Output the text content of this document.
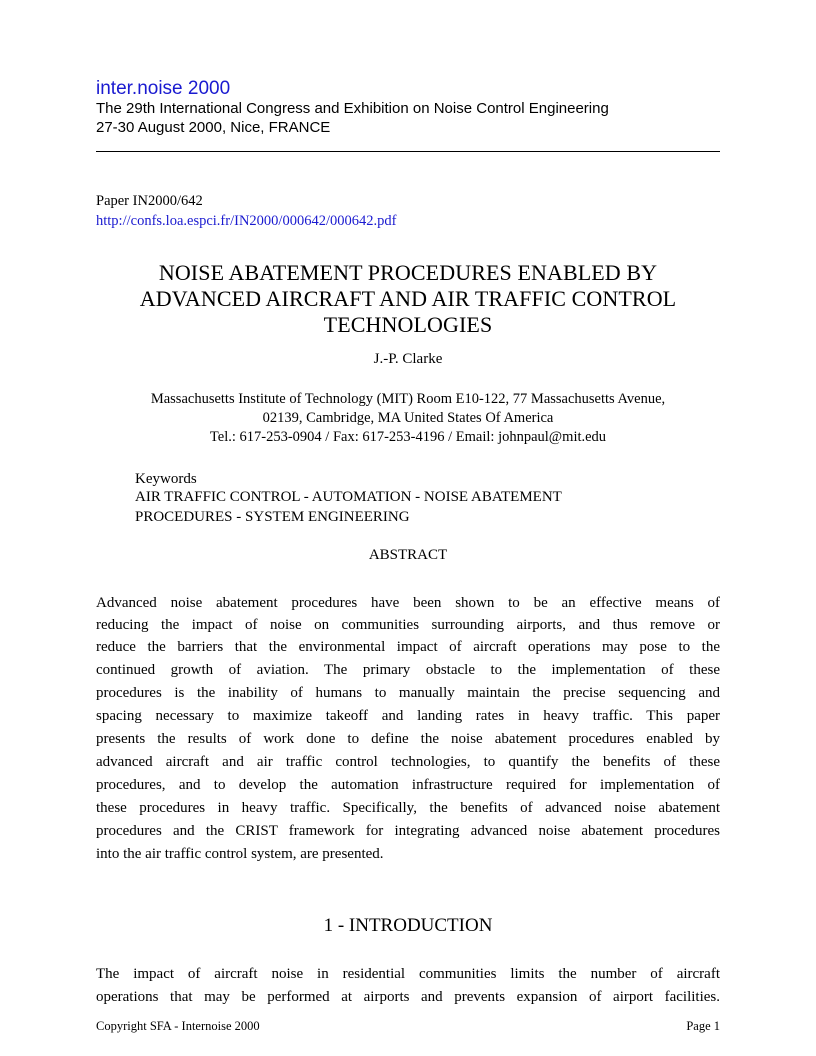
inter.noise 2000
The 29th International Congress and Exhibition on Noise Control Engineering
27-30 August 2000, Nice, FRANCE
Paper IN2000/642
http://confs.loa.espci.fr/IN2000/000642/000642.pdf
NOISE ABATEMENT PROCEDURES ENABLED BY
ADVANCED AIRCRAFT AND AIR TRAFFIC CONTROL
TECHNOLOGIES
J.-P. Clarke
Massachusetts Institute of Technology (MIT) Room E10-122, 77 Massachusetts Avenue,
02139, Cambridge, MA United States Of America
Tel.: 617-253-0904 / Fax: 617-253-4196 / Email: johnpaul@mit.edu
Keywords
AIR TRAFFIC CONTROL - AUTOMATION - NOISE ABATEMENT
PROCEDURES - SYSTEM ENGINEERING
ABSTRACT
Advanced noise abatement procedures have been shown to be an effective means of
reducing the impact of noise on communities surrounding airports, and thus remove or
reduce the barriers that the environmental impact of aircraft operations may pose to the
continued growth of aviation. The primary obstacle to the implementation of these
procedures is the inability of humans to manually maintain the precise sequencing and
spacing necessary to maximize takeoff and landing rates in heavy traffic. This paper
presents the results of work done to define the noise abatement procedures enabled by
advanced aircraft and air traffic control technologies, to quantify the benefits of these
procedures, and to develop the automation infrastructure required for implementation of
these procedures in heavy traffic. Specifically, the benefits of advanced noise abatement
procedures and the CRIST framework for integrating advanced noise abatement procedures
into the air traffic control system, are presented.
1 - INTRODUCTION
The impact of aircraft noise in residential communities limits the number of aircraft
operations that may be performed at airports and prevents expansion of airport facilities.
Copyright SFA - Internoise 2000	Page 1
